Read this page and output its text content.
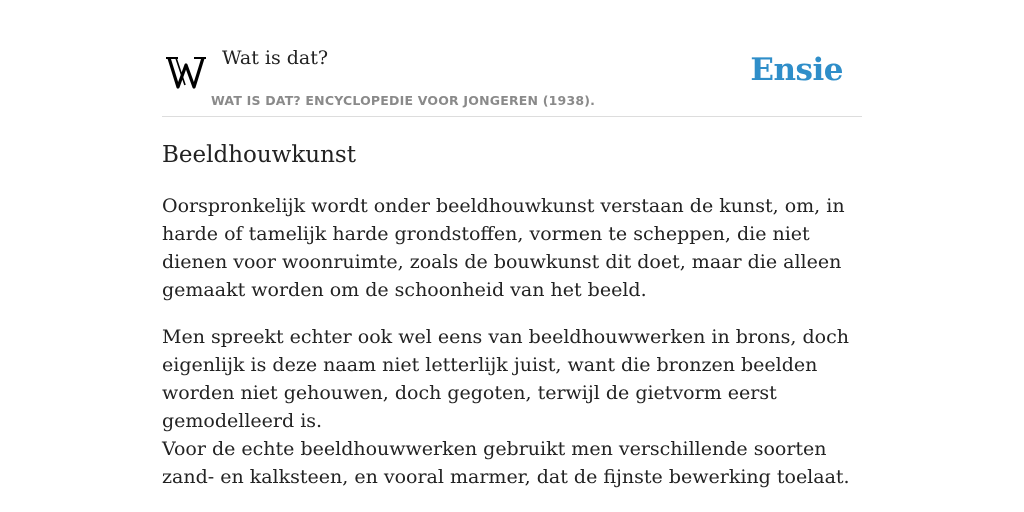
Wat is dat?
WAT IS DAT? ENCYCLOPEDIE VOOR JONGEREN (1938).
Ensie
Beeldhouwkunst

Oorspronkelijk wordt onder beeldhouwkunst verstaan de kunst, om, in harde of tamelijk harde grondstoffen, vormen te scheppen, die niet dienen voor woonruimte, zoals de bouwkunst dit doet, maar die alleen gemaakt worden om de schoonheid van het beeld.

Men spreekt echter ook wel eens van beeldhouwwerken in brons, doch eigenlijk is deze naam niet letterlijk juist, want die bronzen beelden worden niet gehouwen, doch gegoten, terwijl de gietvorm eerst gemodelleerd is.

Voor de echte beeldhouwwerken gebruikt men verschillende soorten zand- en kalksteen, en vooral marmer, dat de fijnste bewerking toelaat.
